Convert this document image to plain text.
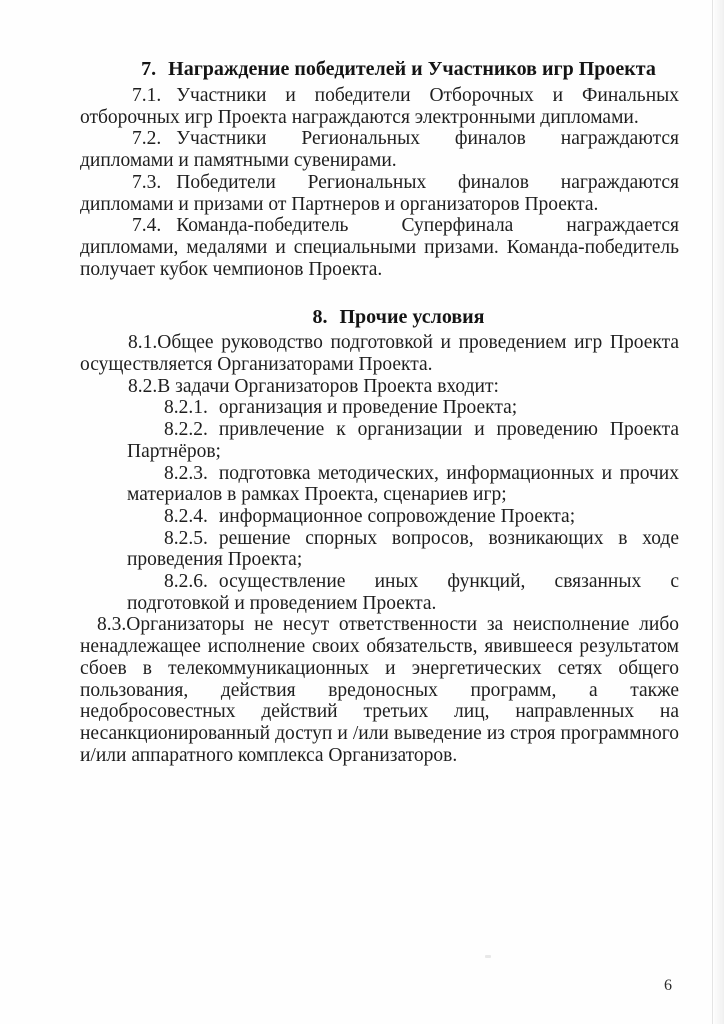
7. Награждение победителей и Участников игр Проекта

7.1. Участники и победители Отборочных и Финальных отборочных игр Проекта награждаются электронными дипломами.

7.2. Участники Региональных финалов награждаются дипломами и памятными сувенирами.

7.3. Победители Региональных финалов награждаются дипломами и призами от Партнеров и организаторов Проекта.

7.4. Команда-победитель Суперфинала награждается дипломами, медалями и специальными призами. Команда-победитель получает кубок чемпионов Проекта.

8. Прочие условия

8.1.Общее руководство подготовкой и проведением игр Проекта осуществляется Организаторами Проекта.

8.2.В задачи Организаторов Проекта входит:

8.2.1. организация и проведение Проекта;

8.2.2. привлечение к организации и проведению Проекта Партнёров;

8.2.3. подготовка методических, информационных и прочих материалов в рамках Проекта, сценариев игр;

8.2.4. информационное сопровождение Проекта;

8.2.5. решение спорных вопросов, возникающих в ходе проведения Проекта;

8.2.6. осуществление иных функций, связанных с подготовкой и проведением Проекта.

8.3.Организаторы не несут ответственности за неисполнение либо ненадлежащее исполнение своих обязательств, явившееся результатом сбоев в телекоммуникационных и энергетических сетях общего пользования, действия вредоносных программ, а также недобросовестных действий третьих лиц, направленных на несанкционированный доступ и /или выведение из строя программного и/или аппаратного комплекса Организаторов.

6
